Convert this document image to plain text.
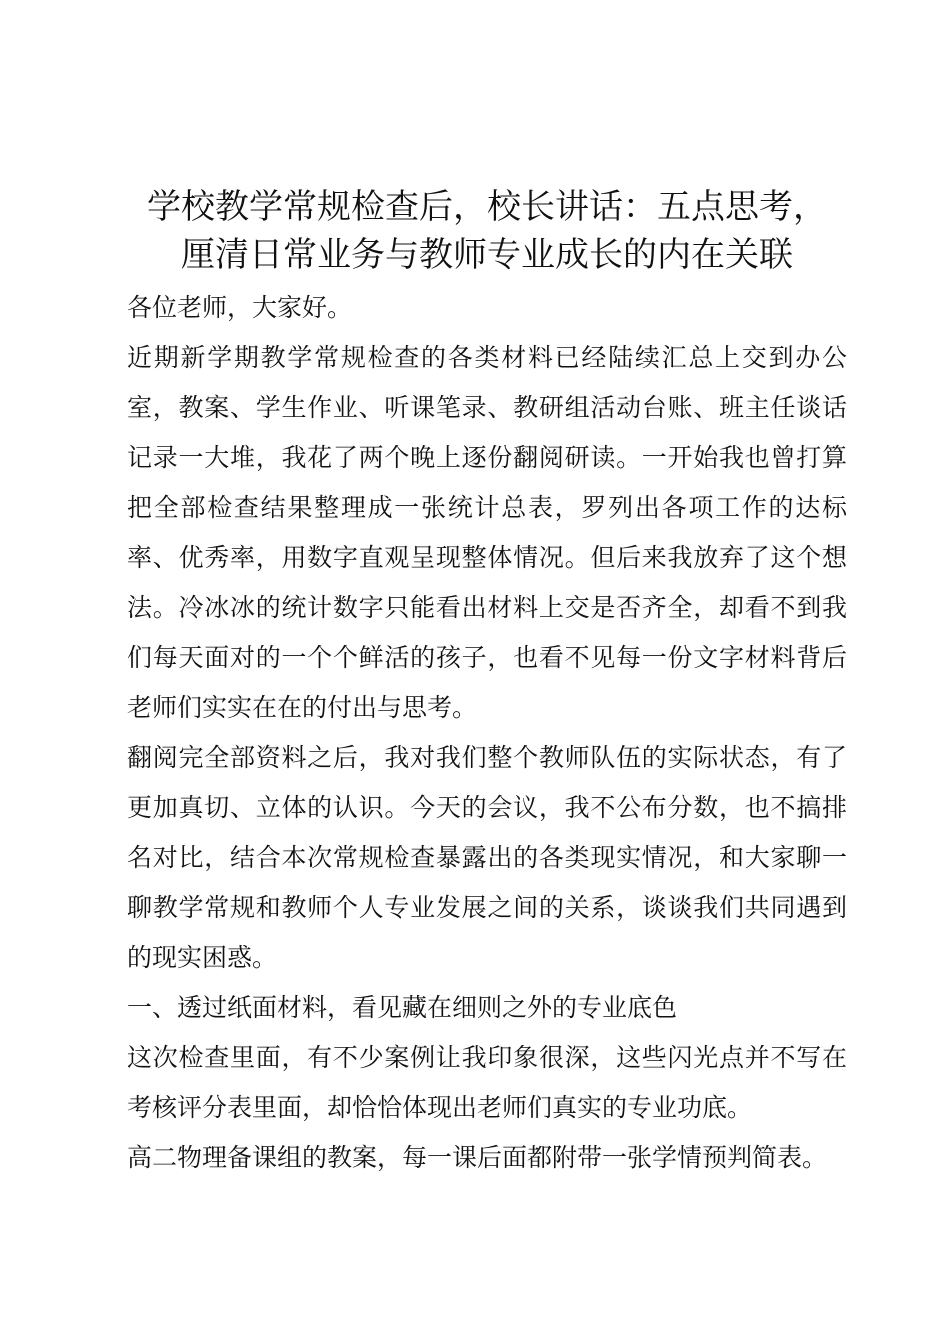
学校教学常规检查后，校长讲话：五点思考，
厘清日常业务与教师专业成长的内在关联

各位老师，大家好。

近期新学期教学常规检查的各类材料已经陆续汇总上交到办公室，教案、学生作业、听课笔录、教研组活动台账、班主任谈话记录一大堆，我花了两个晚上逐份翻阅研读。一开始我也曾打算把全部检查结果整理成一张统计总表，罗列出各项工作的达标率、优秀率，用数字直观呈现整体情况。但后来我放弃了这个想法。冷冰冰的统计数字只能看出材料上交是否齐全，却看不到我们每天面对的一个个鲜活的孩子，也看不见每一份文字材料背后老师们实实在在的付出与思考。

翻阅完全部资料之后，我对我们整个教师队伍的实际状态，有了更加真切、立体的认识。今天的会议，我不公布分数，也不搞排名对比，结合本次常规检查暴露出的各类现实情况，和大家聊一聊教学常规和教师个人专业发展之间的关系，谈谈我们共同遇到的现实困惑。

一、透过纸面材料，看见藏在细则之外的专业底色

这次检查里面，有不少案例让我印象很深，这些闪光点并不写在考核评分表里面，却恰恰体现出老师们真实的专业功底。

高二物理备课组的教案，每一课后面都附带一张学情预判简表。
